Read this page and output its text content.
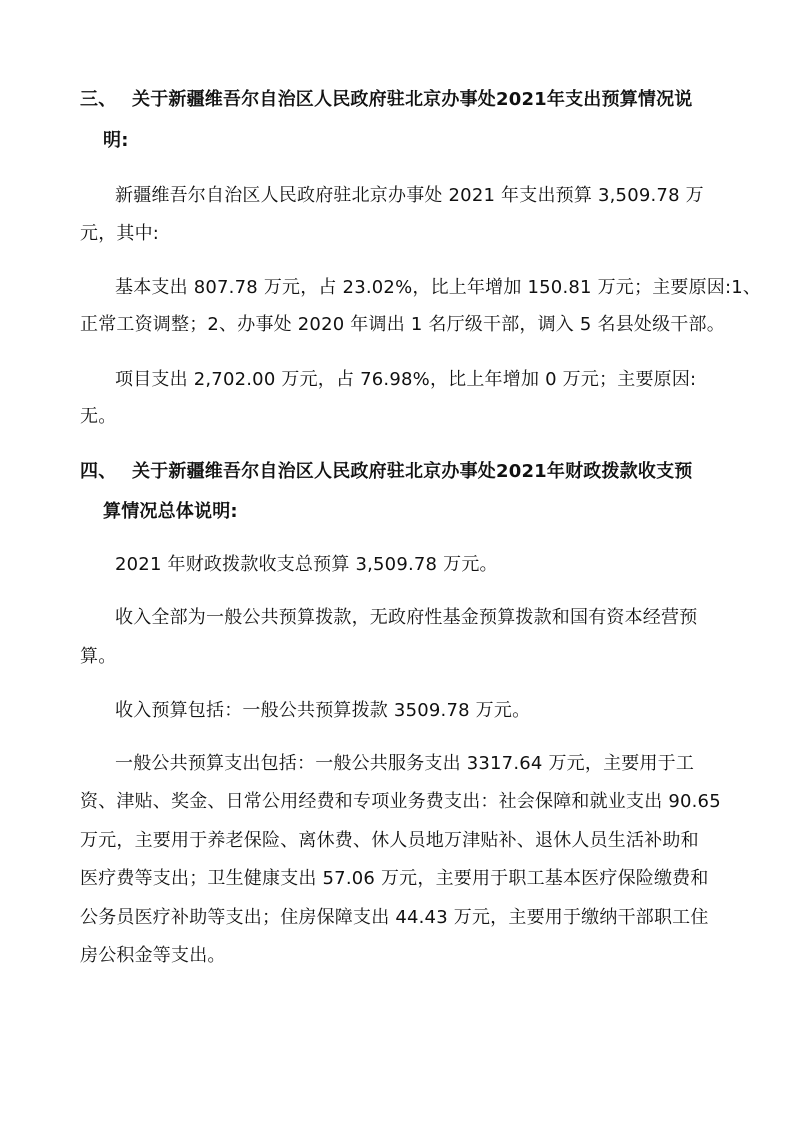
三、 关于新疆维吾尔自治区人民政府驻北京办事处2021年支出预算情况说
明:
新疆维吾尔自治区人民政府驻北京办事处 2021 年支出预算 3,509.78 万
元，其中:
基本支出 807.78 万元，占 23.02%，比上年增加 150.81 万元；主要原因:1、
正常工资调整；2、办事处 2020 年调出 1 名厅级干部，调入 5 名县处级干部。
项目支出 2,702.00 万元，占 76.98%，比上年增加 0 万元；主要原因:
无。
四、 关于新疆维吾尔自治区人民政府驻北京办事处2021年财政拨款收支预
算情况总体说明:
2021 年财政拨款收支总预算 3,509.78 万元。
收入全部为一般公共预算拨款，无政府性基金预算拨款和国有资本经营预
算。
收入预算包括：一般公共预算拨款 3509.78 万元。
一般公共预算支出包括：一般公共服务支出 3317.64 万元，主要用于工
资、津贴、奖金、日常公用经费和专项业务费支出：社会保障和就业支出 90.65
万元，主要用于养老保险、离休费、休人员地万津贴补、退休人员生活补助和
医疗费等支出；卫生健康支出 57.06 万元，主要用于职工基本医疗保险缴费和
公务员医疗补助等支出；住房保障支出 44.43 万元，主要用于缴纳干部职工住
房公积金等支出。
